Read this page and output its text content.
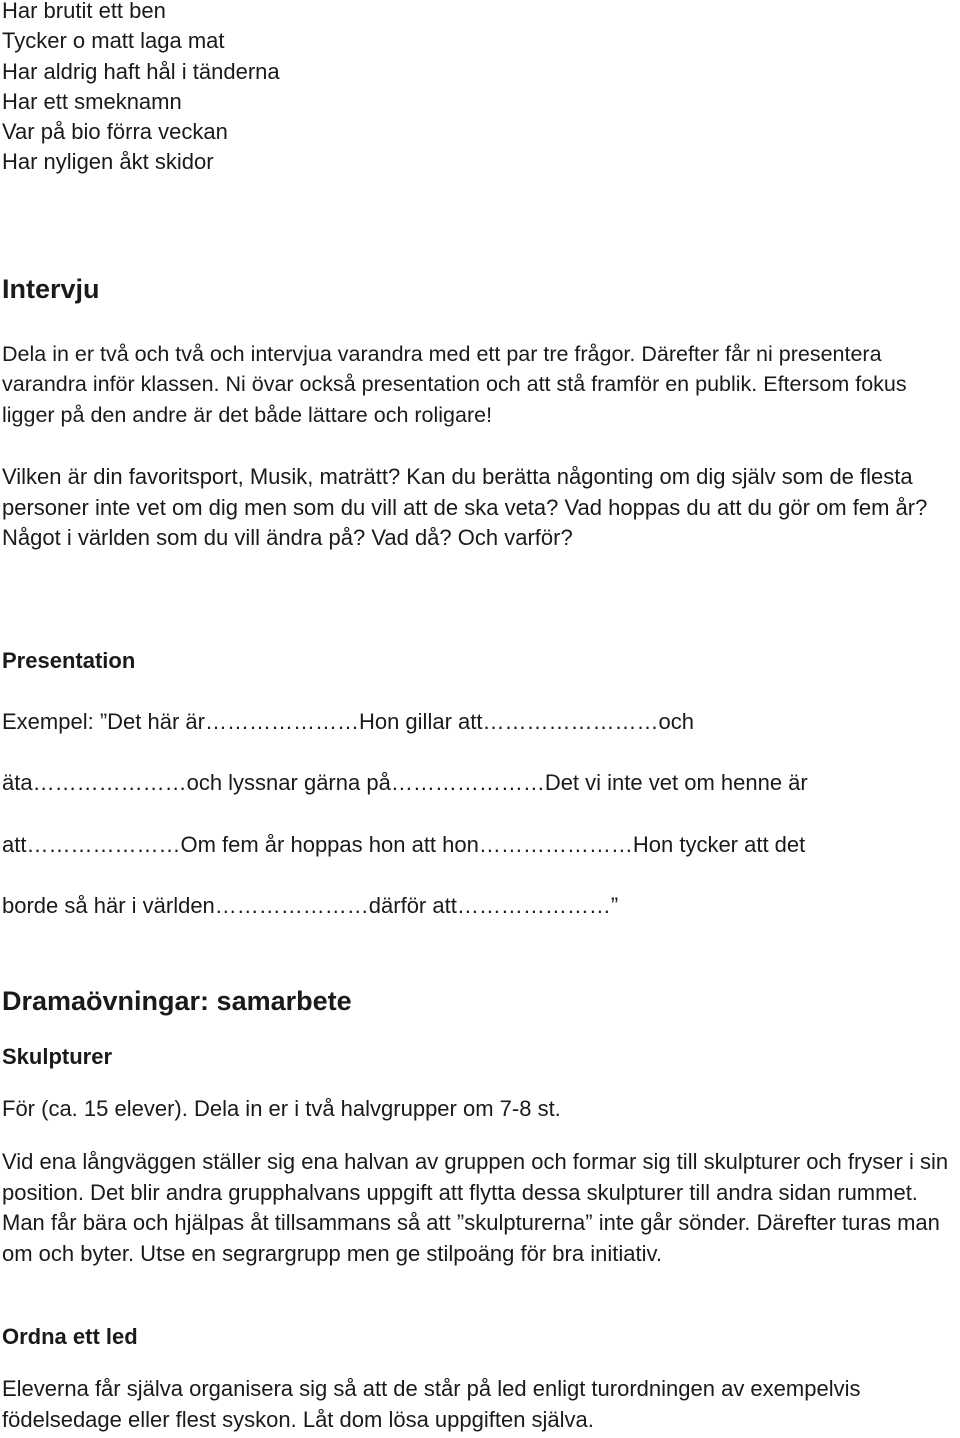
Har brutit ett ben

Tycker o matt laga mat

Har aldrig haft hål i tänderna

Har ett smeknamn

Var på bio förra veckan

Har nyligen åkt skidor

Intervju

Dela in er två och två och intervjua varandra med ett par tre frågor. Därefter får ni presentera varandra inför klassen. Ni övar också presentation och att stå framför en publik. Eftersom fokus ligger på den andre är det både lättare och roligare!

Vilken är din favoritsport, Musik, maträtt? Kan du berätta någonting om dig själv som de flesta personer inte vet om dig men som du vill att de ska veta? Vad hoppas du att du gör om fem år? Något i världen som du vill ändra på? Vad då? Och varför?

Presentation

Exempel: ”Det här är…………………Hon gillar att……………………och

äta…………………och lyssnar gärna på…………………Det vi inte vet om henne är

att…………………Om fem år hoppas hon att hon…………………Hon tycker att det

borde så här i världen…………………därför att…………………”

Dramaövningar: samarbete
Skulpturer

För (ca. 15 elever). Dela in er i två halvgrupper om 7-8 st.

Vid ena långväggen ställer sig ena halvan av gruppen och formar sig till skulpturer och fryser i sin position. Det blir andra grupphalvans uppgift att flytta dessa skulpturer till andra sidan rummet. Man får bära och hjälpas åt tillsammans så att ”skulpturerna” inte går sönder. Därefter turas man om och byter. Utse en segrargrupp men ge stilpoäng för bra initiativ.

Ordna ett led

Eleverna får själva organisera sig så att de står på led enligt turordningen av exempelvis födelsedage eller flest syskon. Låt dom lösa uppgiften själva.
